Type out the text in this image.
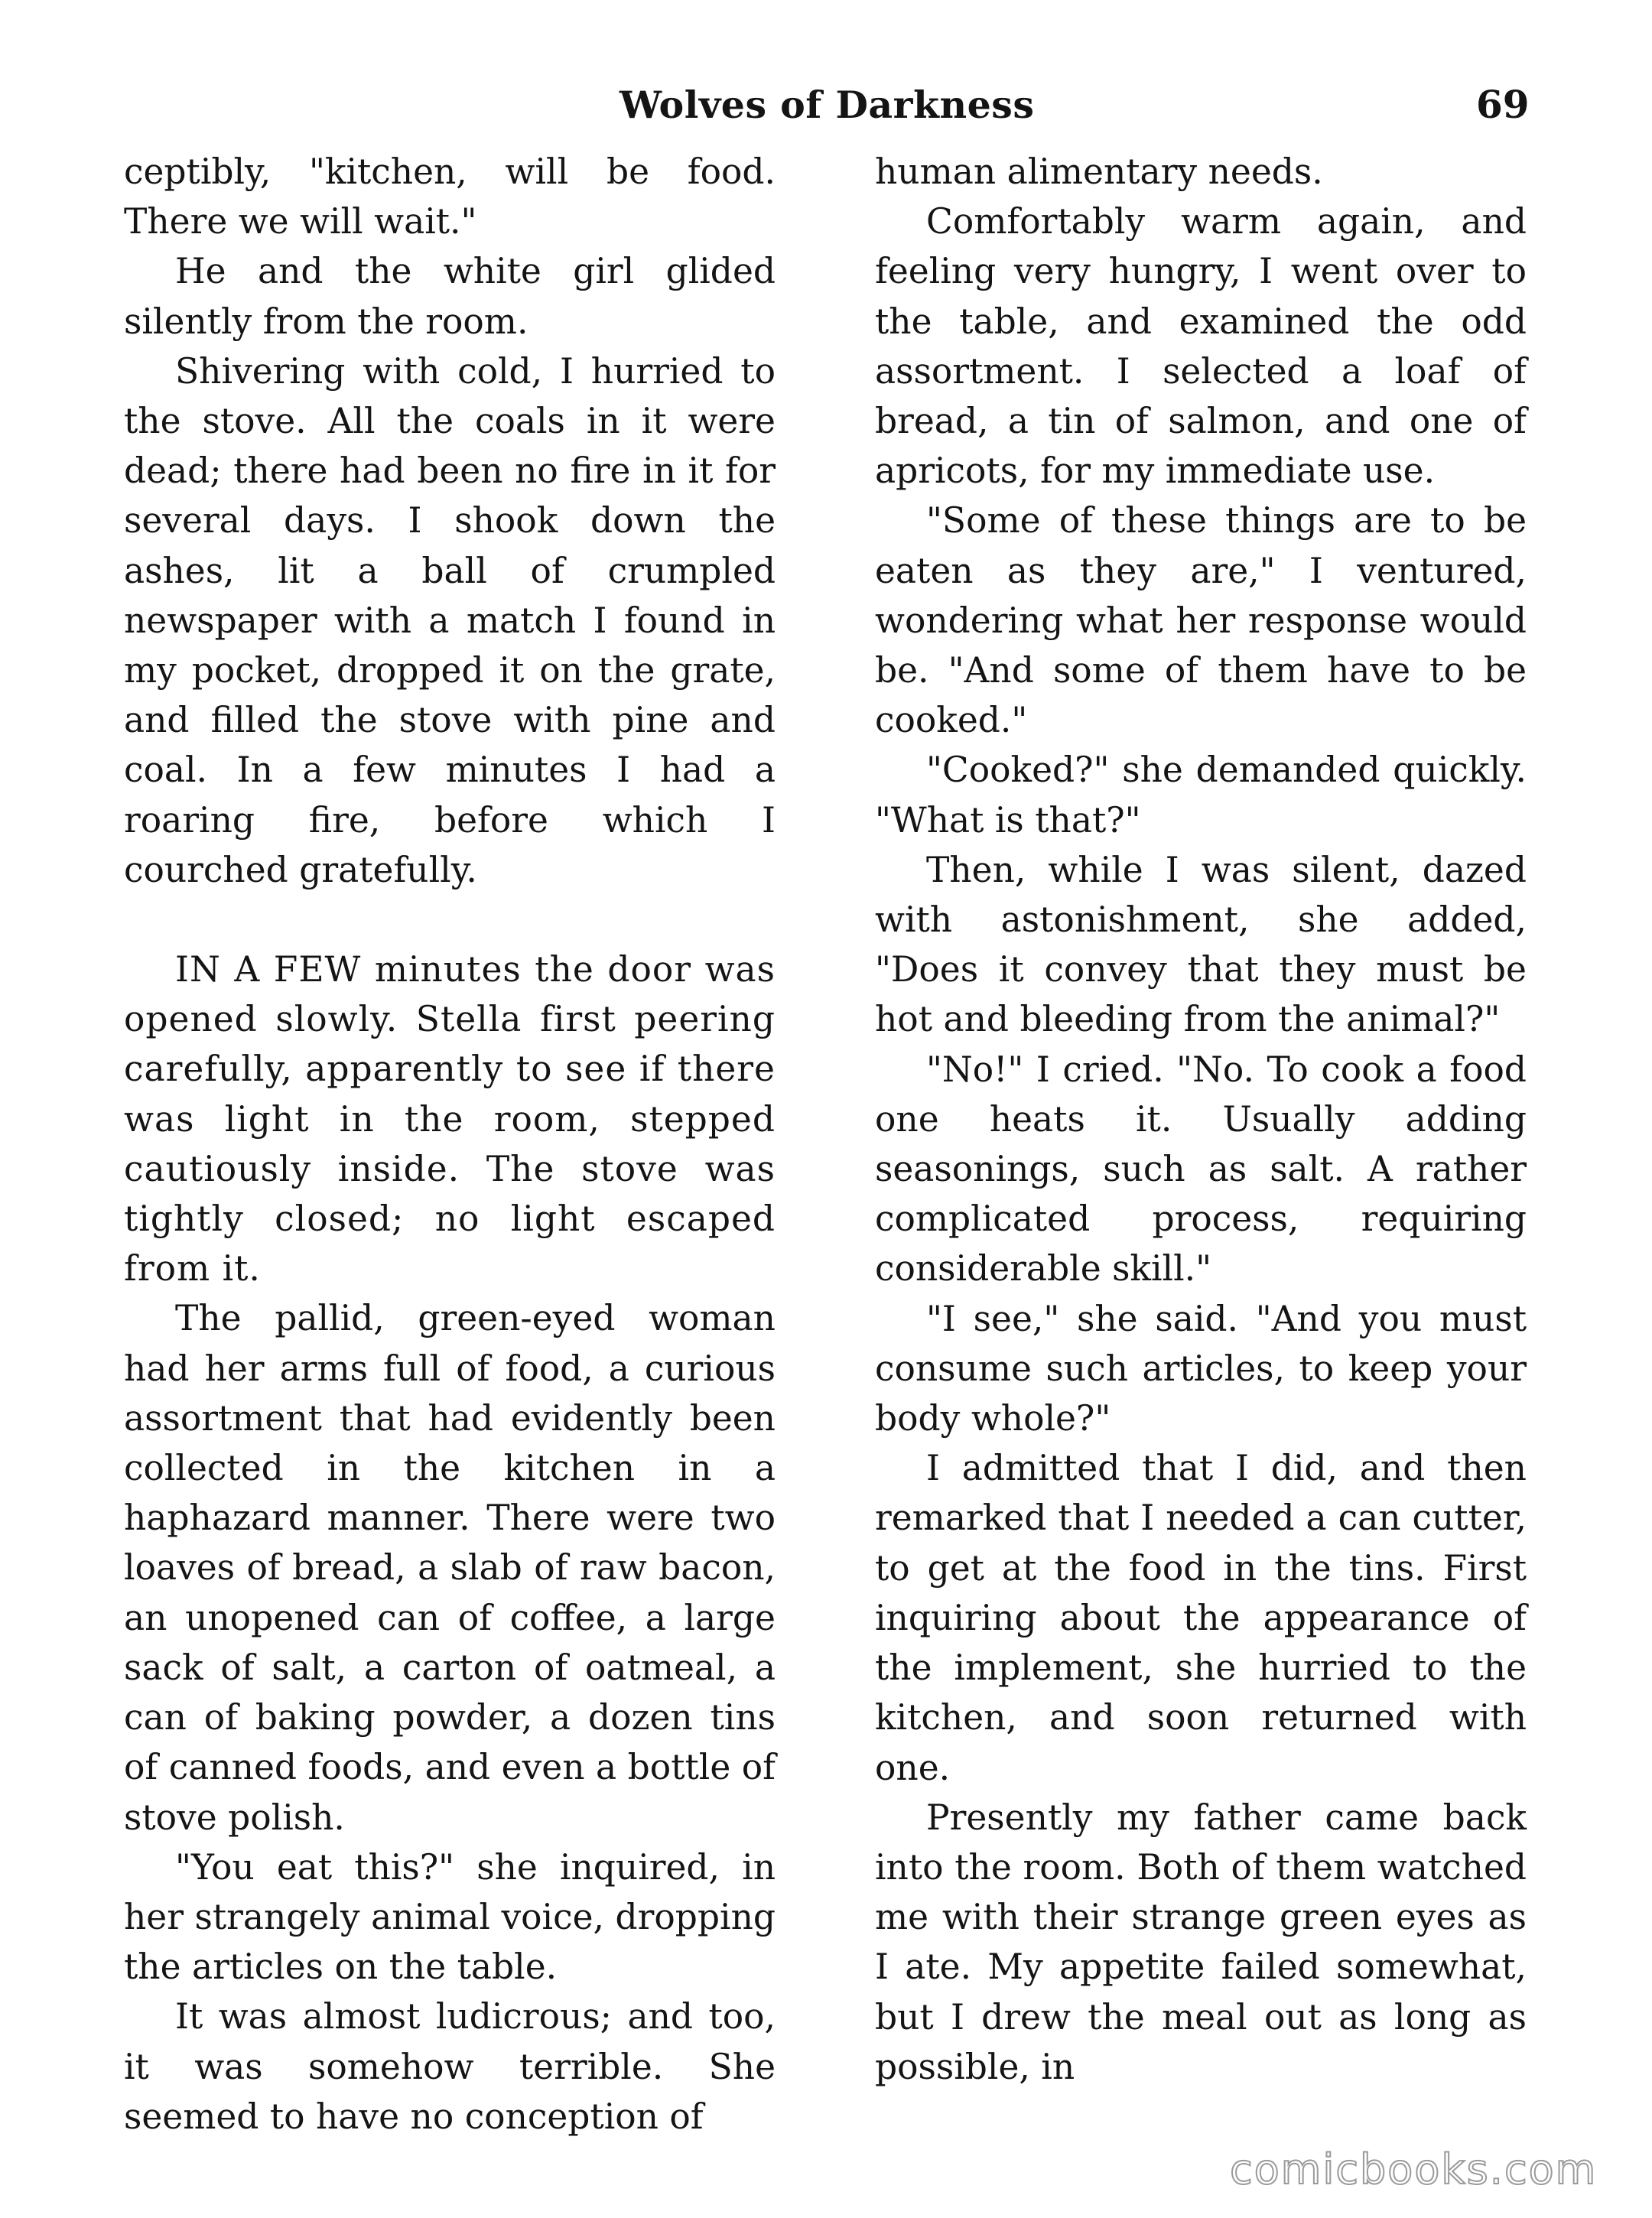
Wolves of Darkness	69

ceptibly, "kitchen, will be food. There we will wait."

He and the white girl glided silently from the room.

Shivering with cold, I hurried to the stove. All the coals in it were dead; there had been no fire in it for several days. I shook down the ashes, lit a ball of crumpled newspaper with a match I found in my pocket, dropped it on the grate, and filled the stove with pine and coal. In a few minutes I had a roaring fire, before which I courched gratefully.

IN A FEW minutes the door was opened slowly. Stella first peering carefully, apparently to see if there was light in the room, stepped cautiously inside. The stove was tightly closed; no light escaped from it.

The pallid, green-eyed woman had her arms full of food, a curious assortment that had evidently been collected in the kitchen in a haphazard manner. There were two loaves of bread, a slab of raw bacon, an unopened can of coffee, a large sack of salt, a carton of oatmeal, a can of baking powder, a dozen tins of canned foods, and even a bottle of stove polish.

"You eat this?" she inquired, in her strangely animal voice, dropping the articles on the table.

It was almost ludicrous; and too, it was somehow terrible. She seemed to have no conception of

human alimentary needs.

Comfortably warm again, and feeling very hungry, I went over to the table, and examined the odd assortment. I selected a loaf of bread, a tin of salmon, and one of apricots, for my immediate use.

"Some of these things are to be eaten as they are," I ventured, wondering what her response would be. "And some of them have to be cooked."

"Cooked?" she demanded quickly. "What is that?"

Then, while I was silent, dazed with astonishment, she added, "Does it convey that they must be hot and bleeding from the animal?"

"No!" I cried. "No. To cook a food one heats it. Usually adding seasonings, such as salt. A rather complicated process, requiring considerable skill."

"I see," she said. "And you must consume such articles, to keep your body whole?"

I admitted that I did, and then remarked that I needed a can cutter, to get at the food in the tins. First inquiring about the appearance of the implement, she hurried to the kitchen, and soon returned with one.

Presently my father came back into the room. Both of them watched me with their strange green eyes as I ate. My appetite failed somewhat, but I drew the meal out as long as possible, in

comicbooks.com
